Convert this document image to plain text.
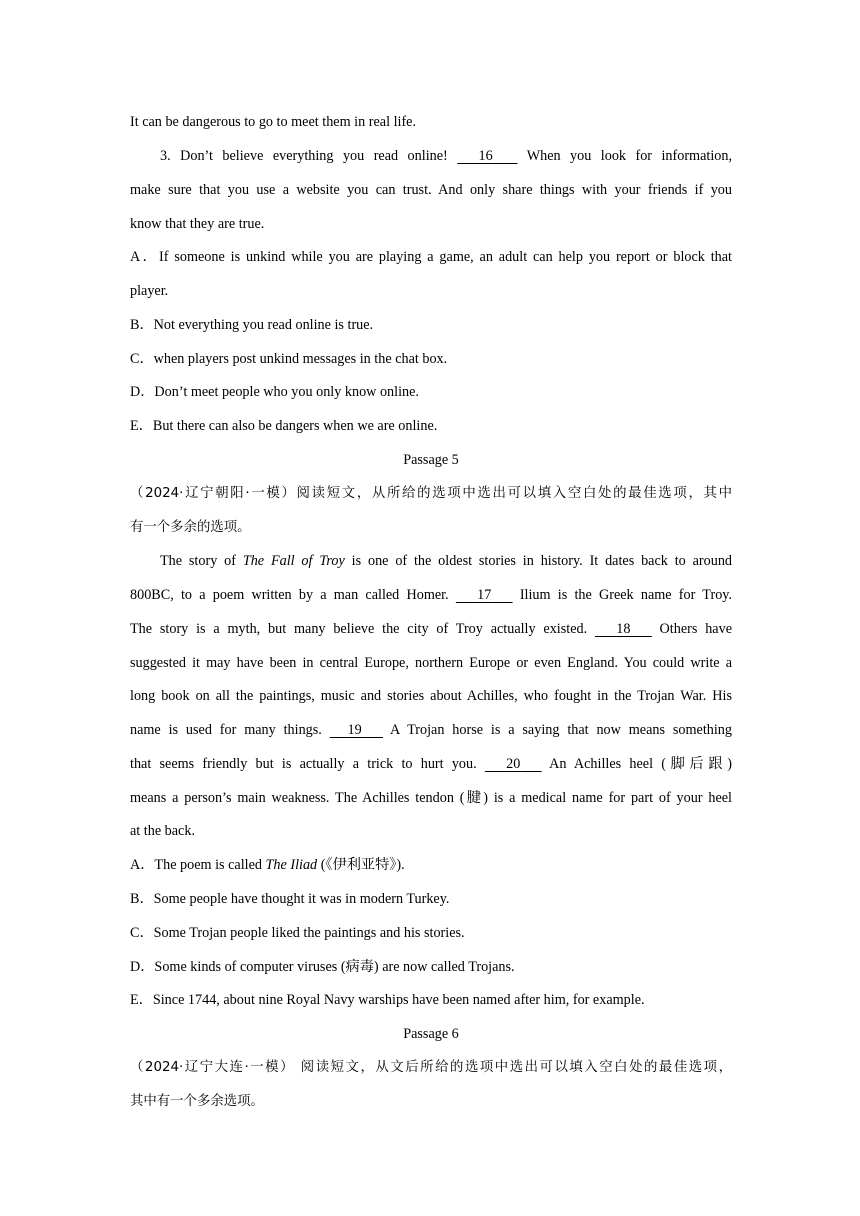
It can be dangerous to go to meet them in real life.
3. Don’t believe everything you read online!       16        When you look for information,
make sure that you use a website you can trust. And only share things with your friends if you
know that they are true.
A．If someone is unkind while you are playing a game, an adult can help you report or block that
player.
B．Not everything you read online is true.
C．when players post unkind messages in the chat box.
D．Don’t meet people who you only know online.
E．But there can also be dangers when we are online.
Passage 5
（2024·辽宁朝阳·一模）阅读短文，从所给的选项中选出可以填入空白处的最佳选项，其中
有一个多余的选项。
The story of The Fall of Troy is one of the oldest stories in history. It dates back to around
800BC, to a poem written by a man called Homer.       17       Ilium is the Greek name for Troy.
The story is a myth, but many believe the city of Troy actually existed.       18       Others have
suggested it may have been in central Europe, northern Europe or even England. You could write a
long book on all the paintings, music and stories about Achilles, who fought in the Trojan War. His
name is used for many things.      19       A Trojan horse is a saying that now means something
that seems friendly but is actually a trick to hurt you.       20       An Achilles heel (脚后跟)
means a person’s main weakness. The Achilles tendon (腱) is a medical name for part of your heel
at the back.
A．The poem is called The Iliad (《伊利亚特》).
B．Some people have thought it was in modern Turkey.
C．Some Trojan people liked the paintings and his stories.
D．Some kinds of computer viruses (病毒) are now called Trojans.
E．Since 1744, about nine Royal Navy warships have been named after him, for example.
Passage 6
（2024·辽宁大连·一模） 阅读短文，从文后所给的选项中选出可以填入空白处的最佳选项，
其中有一个多余选项。
